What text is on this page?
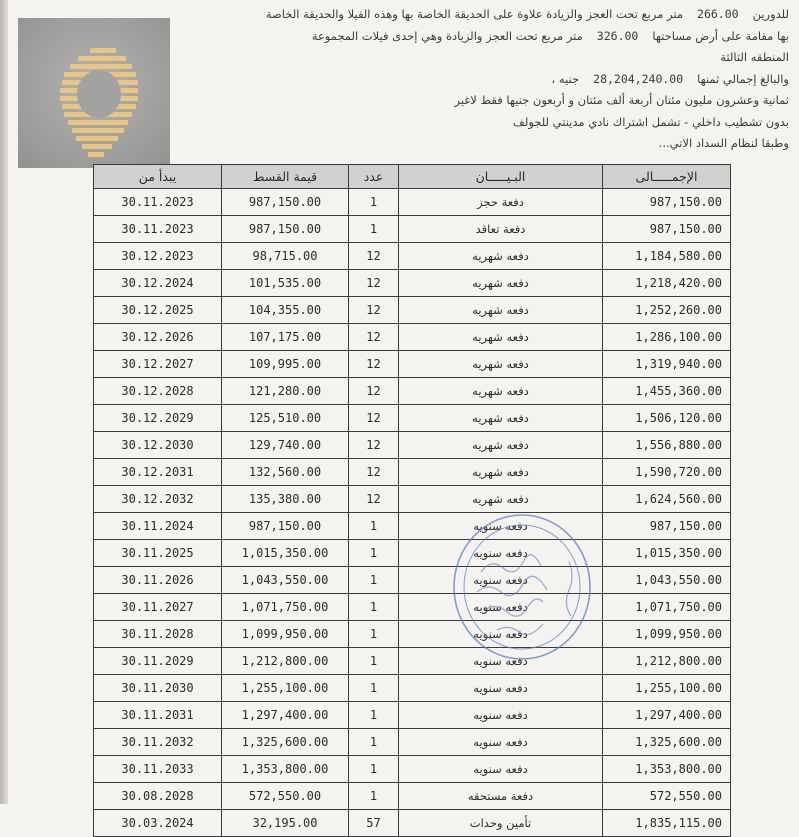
للدورين266.00متر مربع تحت العجز والزيادة علاوة على الحديقة الخاصة بها وهذه الفيلا والحديقة الخاصة
بها مقامة على أرض مساحتها326.00متر مربع تحت العجز والزيادة وهي إحدى فيلات المجموعة
المنطقه الثالثة
والبالغ إجمالي ثمنها28,204,240.00جنيه ،
ثمانية وعشرون مليون مئتان أربعة ألف مئتان و أربعون جنيها فقط لاغير
بدون تشطيب داخلي - تشمل اشتراك نادي مدينتي للجولف
وطبقا لنظام السداد الاتي...
يبدأ من	قيمة القسط	عدد	البـيـــــان	الإجمـــــالى
30.11.2023	987,150.00	1	دفعة حجز	987,150.00
30.11.2023	987,150.00	1	دفعة تعاقد	987,150.00
30.12.2023	98,715.00	12	دفعه شهريه	1,184,580.00
30.12.2024	101,535.00	12	دفعه شهريه	1,218,420.00
30.12.2025	104,355.00	12	دفعه شهريه	1,252,260.00
30.12.2026	107,175.00	12	دفعه شهريه	1,286,100.00
30.12.2027	109,995.00	12	دفعه شهريه	1,319,940.00
30.12.2028	121,280.00	12	دفعه شهريه	1,455,360.00
30.12.2029	125,510.00	12	دفعه شهريه	1,506,120.00
30.12.2030	129,740.00	12	دفعه شهريه	1,556,880.00
30.12.2031	132,560.00	12	دفعه شهريه	1,590,720.00
30.12.2032	135,380.00	12	دفعه شهريه	1,624,560.00
30.11.2024	987,150.00	1	دفعه سنويه	987,150.00
30.11.2025	1,015,350.00	1	دفعه سنويه	1,015,350.00
30.11.2026	1,043,550.00	1	دفعه سنويه	1,043,550.00
30.11.2027	1,071,750.00	1	دفعه سنويه	1,071,750.00
30.11.2028	1,099,950.00	1	دفعه سنويه	1,099,950.00
30.11.2029	1,212,800.00	1	دفعه سنويه	1,212,800.00
30.11.2030	1,255,100.00	1	دفعه سنويه	1,255,100.00
30.11.2031	1,297,400.00	1	دفعه سنويه	1,297,400.00
30.11.2032	1,325,600.00	1	دفعه سنويه	1,325,600.00
30.11.2033	1,353,800.00	1	دفعه سنويه	1,353,800.00
30.08.2028	572,550.00	1	دفعة مستحقه	572,550.00
30.03.2024	32,195.00	57	تأمين وحدات	1,835,115.00
